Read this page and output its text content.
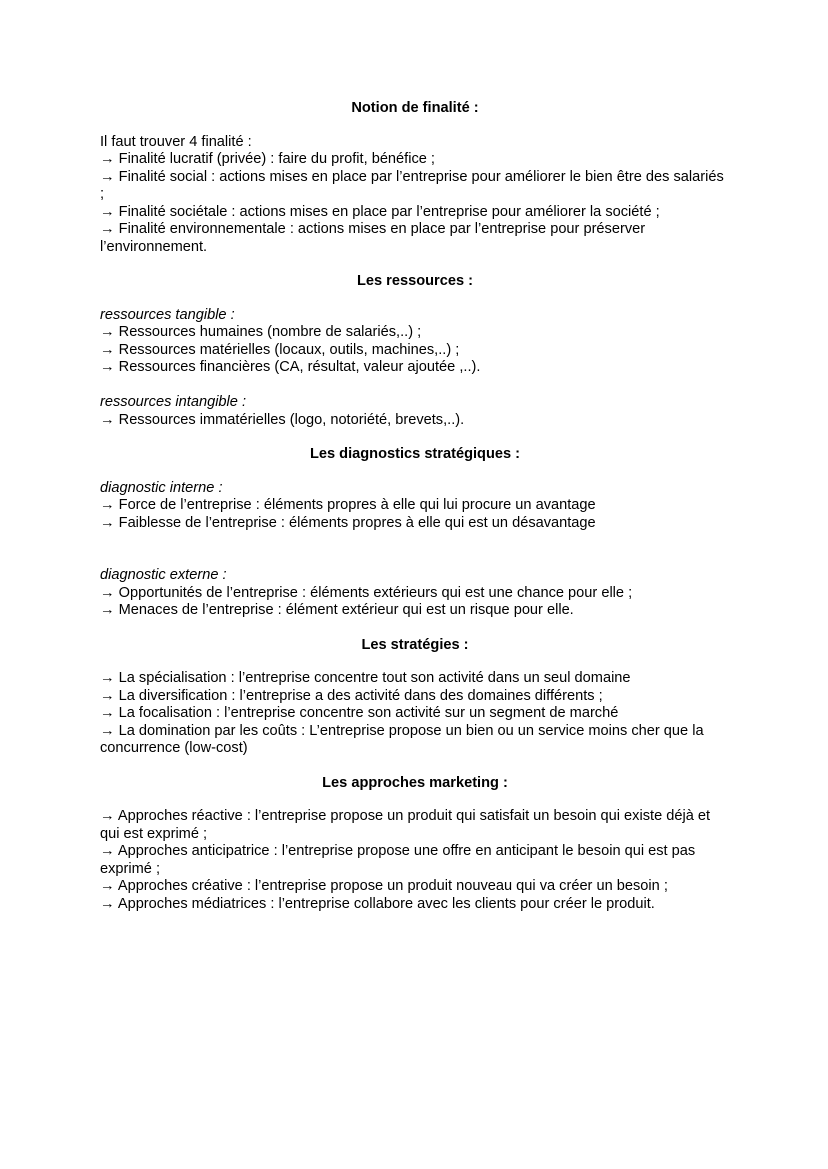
Notion de finalité :

Il faut trouver 4 finalité :

→ Finalité lucratif (privée) : faire du profit, bénéfice ;

→ Finalité social : actions mises en place par l’entreprise pour améliorer le bien être des salariés ;

→ Finalité sociétale : actions mises en place par l’entreprise pour améliorer la société ;

→ Finalité environnementale : actions mises en place par l’entreprise pour préserver l’environnement.

Les ressources :

ressources tangible :

→ Ressources humaines (nombre de salariés,..) ;

→ Ressources matérielles (locaux, outils, machines,..) ;

→ Ressources financières (CA, résultat, valeur ajoutée ,..).

ressources intangible :

→ Ressources immatérielles (logo, notoriété, brevets,..).

Les diagnostics stratégiques :

diagnostic interne :

→ Force de l’entreprise : éléments propres à elle qui lui procure un avantage

→ Faiblesse de l’entreprise : éléments propres à elle qui est un désavantage

diagnostic externe :

→ Opportunités de l’entreprise : éléments extérieurs qui est une chance pour elle ;

→ Menaces de l’entreprise : élément extérieur qui est un risque pour elle.

Les stratégies :

→ La spécialisation : l’entreprise concentre tout son activité dans un seul domaine

→ La diversification : l’entreprise a des activité dans des domaines différents ;

→ La focalisation : l’entreprise concentre son activité sur un segment de marché

→ La domination par les coûts : L’entreprise propose un bien ou un service moins cher que la concurrence (low-cost)

Les approches marketing :

→ Approches réactive : l’entreprise propose un produit qui satisfait un besoin qui existe déjà et qui est exprimé ;

→ Approches anticipatrice : l’entreprise propose une offre en anticipant le besoin qui est pas exprimé ;

→ Approches créative : l’entreprise propose un produit nouveau qui va créer un besoin ;

→ Approches médiatrices : l’entreprise collabore avec les clients pour créer le produit.
